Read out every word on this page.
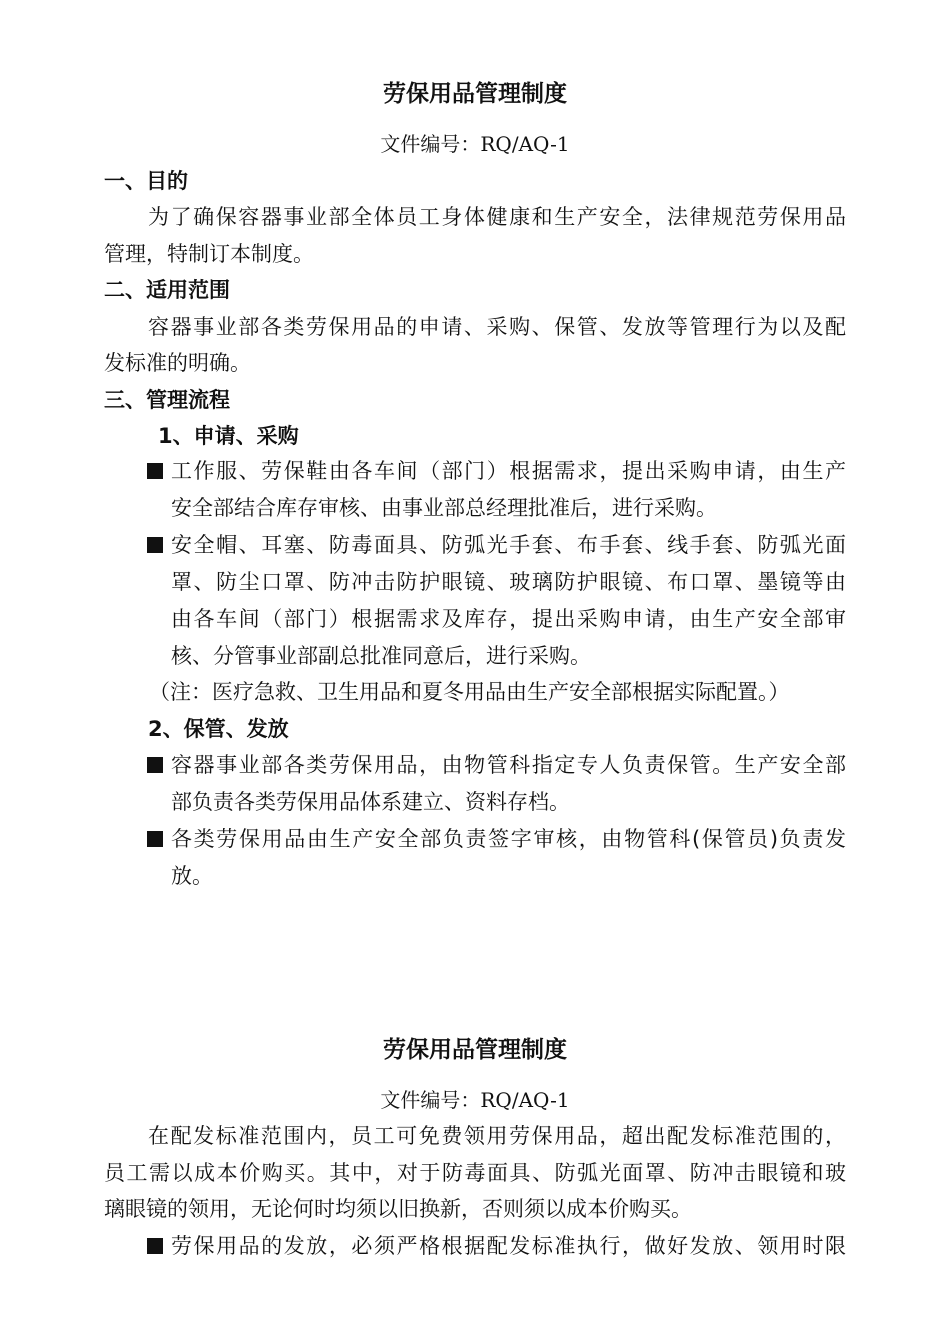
劳保用品管理制度
文件编号：RQ/AQ-1
一、目的
为了确保容器事业部全体员工身体健康和生产安全，法律规范劳保用品
管理，特制订本制度。
二、适用范围
容器事业部各类劳保用品的申请、采购、保管、发放等管理行为以及配
发标准的明确。
三、管理流程
1、申请、采购
工作服、劳保鞋由各车间（部门）根据需求，提出采购申请，由生产
安全部结合库存审核、由事业部总经理批准后，进行采购。
安全帽、耳塞、防毒面具、防弧光手套、布手套、线手套、防弧光面
罩、防尘口罩、防冲击防护眼镜、玻璃防护眼镜、布口罩、墨镜等由
由各车间（部门）根据需求及库存，提出采购申请，由生产安全部审
核、分管事业部副总批准同意后，进行采购。
（注：医疗急救、卫生用品和夏冬用品由生产安全部根据实际配置。）
2、保管、发放
容器事业部各类劳保用品，由物管科指定专人负责保管。生产安全部
部负责各类劳保用品体系建立、资料存档。
各类劳保用品由生产安全部负责签字审核，由物管科(保管员)负责发
放。
劳保用品管理制度
文件编号：RQ/AQ-1
在配发标准范围内，员工可免费领用劳保用品，超出配发标准范围的，
员工需以成本价购买。其中，对于防毒面具、防弧光面罩、防冲击眼镜和玻
璃眼镜的领用，无论何时均须以旧换新，否则须以成本价购买。
劳保用品的发放，必须严格根据配发标准执行，做好发放、领用时限
